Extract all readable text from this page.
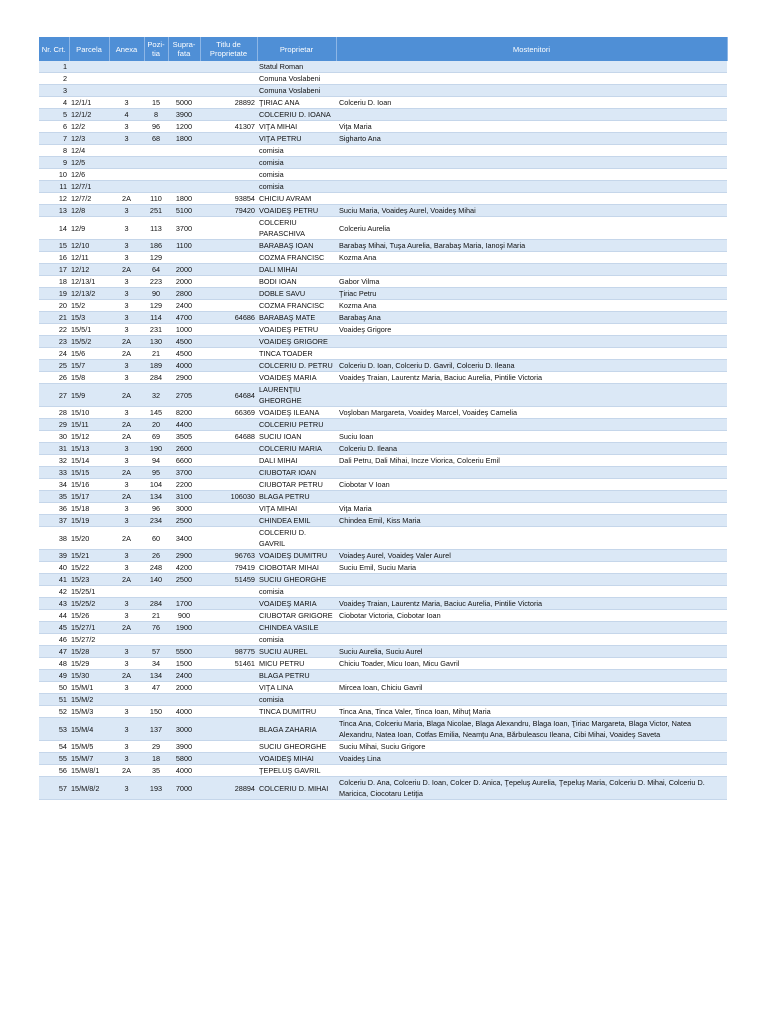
Nr. Crt.	Parcela	Anexa	Pozi-tia	Supra-fata	Titlu de Proprietate	Proprietar	Mostenitori
1						Statul Roman	
2						Comuna Voslabeni	
3						Comuna Voslabeni	
4	12/1/1	3	15	5000	28892	ŢIRIAC ANA	Colceriu D. Ioan
5	12/1/2	4	8	3900		COLCERIU D. IOANA	
6	12/2	3	96	1200	41307	VIŢA MIHAI	Viţa Maria
7	12/3	3	68	1800		VIŢA PETRU	Sigharto Ana
8	12/4					comisia	
9	12/5					comisia	
10	12/6					comisia	
11	12/7/1					comisia	
12	12/7/2	2A	110	1800	93854	CHICIU AVRAM	
13	12/8	3	251	5100	79420	VOAIDEŞ PETRU	Suciu Maria, Voaideş Aurel, Voaideş Mihai
14	12/9	3	113	3700		COLCERIU PARASCHIVA	Colceriu Aurelia
15	12/10	3	186	1100		BARABAŞ IOAN	Barabaş Mihai, Tuşa Aurelia, Barabaş Maria, Ianoşi Maria
16	12/11	3	129			COZMA FRANCISC	Kozma Ana
17	12/12	2A	64	2000		DALI MIHAI	
18	12/13/1	3	223	2000		BODI IOAN	Gabor Vilma
19	12/13/2	3	90	2800		DOBLE SAVU	Ţiriac Petru
20	15/2	3	129	2400		COZMA FRANCISC	Kozma Ana
21	15/3	3	114	4700	64686	BARABAŞ MATE	Barabaş Ana
22	15/5/1	3	231	1000		VOAIDEŞ PETRU	Voaideş Grigore
23	15/5/2	2A	130	4500		VOAIDEŞ GRIGORE	
24	15/6	2A	21	4500		TINCA TOADER	
25	15/7	3	189	4000		COLCERIU D. PETRU	Colceriu D. Ioan, Colceriu D. Gavril, Colceriu D. Ileana
26	15/8	3	284	2900		VOAIDEŞ MARIA	Voaideş Traian, Laurentz Maria, Baciuc Aurelia, Pintilie Victoria
27	15/9	2A	32	2705	64684	LAURENŢIU GHEORGHE	
28	15/10	3	145	8200	66369	VOAIDEŞ ILEANA	Voşloban Margareta, Voaideş Marcel, Voaideş Camelia
29	15/11	2A	20	4400		COLCERIU PETRU	
30	15/12	2A	69	3505	64688	SUCIU IOAN	Suciu Ioan
31	15/13	3	190	2600		COLCERIU MARIA	Colceriu D. Ileana
32	15/14	3	94	6600		DALI MIHAI	Dali Petru, Dali Mihai, Incze Viorica, Colceriu Emil
33	15/15	2A	95	3700		CIUBOTAR IOAN	
34	15/16	3	104	2200		CIUBOTAR PETRU	Ciobotar V Ioan
35	15/17	2A	134	3100	106030	BLAGA PETRU	
36	15/18	3	96	3000		VIŢA MIHAI	Viţa Maria
37	15/19	3	234	2500		CHINDEA EMIL	Chindea Emil, Kiss Maria
38	15/20	2A	60	3400		COLCERIU D. GAVRIL	
39	15/21	3	26	2900	96763	VOAIDEŞ DUMITRU	Voiadeş Aurel, Voaideş Valer Aurel
40	15/22	3	248	4200	79419	CIOBOTAR MIHAI	Suciu Emil, Suciu Maria
41	15/23	2A	140	2500	51459	SUCIU GHEORGHE	
42	15/25/1					comisia	
43	15/25/2	3	284	1700		VOAIDEŞ MARIA	Voaideş Traian, Laurentz Maria, Baciuc Aurelia, Pintilie Victoria
44	15/26	3	21	900		CIUBOTAR GRIGORE	Ciobotar Victoria, Ciobotar Ioan
45	15/27/1	2A	76	1900		CHINDEA VASILE	
46	15/27/2					comisia	
47	15/28	3	57	5500	98775	SUCIU AUREL	Suciu Aurelia, Suciu Aurel
48	15/29	3	34	1500	51461	MICU PETRU	Chiciu Toader, Micu Ioan, Micu Gavril
49	15/30	2A	134	2400		BLAGA PETRU	
50	15/M/1	3	47	2000		VIŢA LINA	Mircea Ioan, Chiciu Gavril
51	15/M/2					comisia	
52	15/M/3	3	150	4000		TINCA DUMITRU	Tinca Ana, Tinca Valer, Tinca Ioan, Mihuţ Maria
53	15/M/4	3	137	3000		BLAGA ZAHARIA	Tinca Ana, Colceriu Maria, Blaga Nicolae, Blaga Alexandru, Blaga Ioan, Ţiriac Margareta, Blaga Victor, Natea Alexandru, Natea Ioan, Cotfas Emilia, Neamţu Ana, Bărbuleascu Ileana, Cibi Mihai, Voaideş Saveta
54	15/M/5	3	29	3900		SUCIU GHEORGHE	Suciu Mihai, Suciu Grigore
55	15/M/7	3	18	5800		VOAIDEŞ MIHAI	Voaideş Lina
56	15/M/8/1	2A	35	4000		ŢEPELUŞ GAVRIL	
57	15/M/8/2	3	193	7000	28894	COLCERIU D. MIHAI	Colceriu D. Ana, Colceriu D. Ioan, Colcer D. Anica, Ţepeluş Aurelia, Ţepeluş Maria, Colceriu D. Mihai, Colceriu D. Maricica, Ciocotaru Letiţia
